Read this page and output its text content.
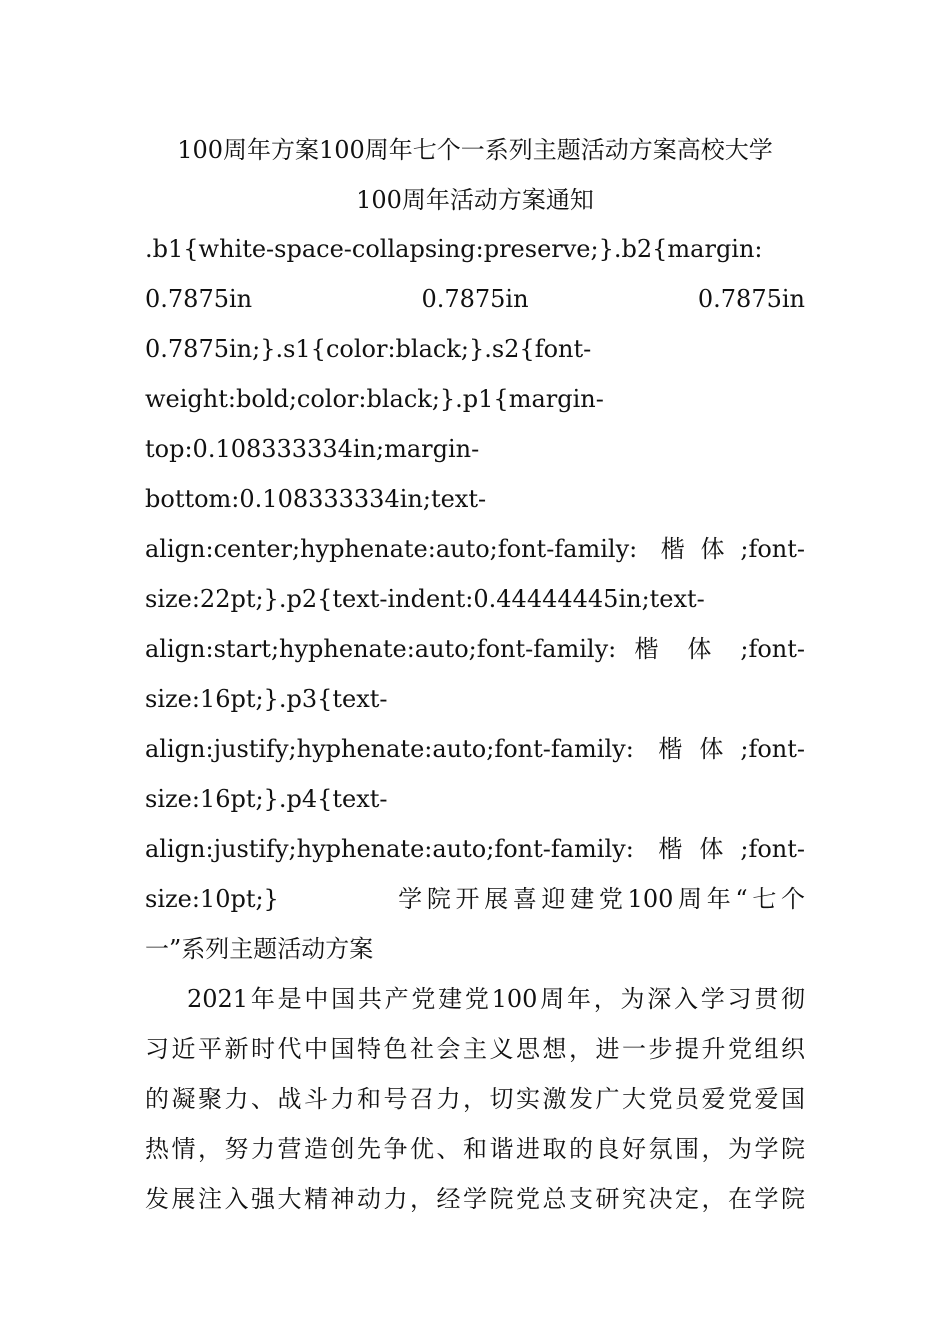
100周年方案100周年七个一系列主题活动方案高校大学
100周年活动方案通知
.b1{white-space-collapsing:preserve;}.b2{margin:
0.7875in 0.7875in 0.7875in
0.7875in;}.s1{color:black;}.s2{font-
weight:bold;color:black;}.p1{margin-
top:0.108333334in;margin-
bottom:0.108333334in;text-
align:center;hyphenate:auto;font-family: 楷体;font-
size:22pt;}.p2{text-indent:0.44444445in;text-
align:start;hyphenate:auto;font-family: 楷 体 ;font-
size:16pt;}.p3{text-
align:justify;hyphenate:auto;font-family: 楷体;font-
size:16pt;}.p4{text-
align:justify;hyphenate:auto;font-family: 楷体;font-
size:10pt;}　　　　学院开展喜迎建党100周年“七个
一”系列主题活动方案
2021年是中国共产党建党100周年，为深入学习贯彻
习近平新时代中国特色社会主义思想，进一步提升党组织
的凝聚力、战斗力和号召力，切实激发广大党员爱党爱国
热情，努力营造创先争优、和谐进取的良好氛围，为学院
发展注入强大精神动力，经学院党总支研究决定，在学院
